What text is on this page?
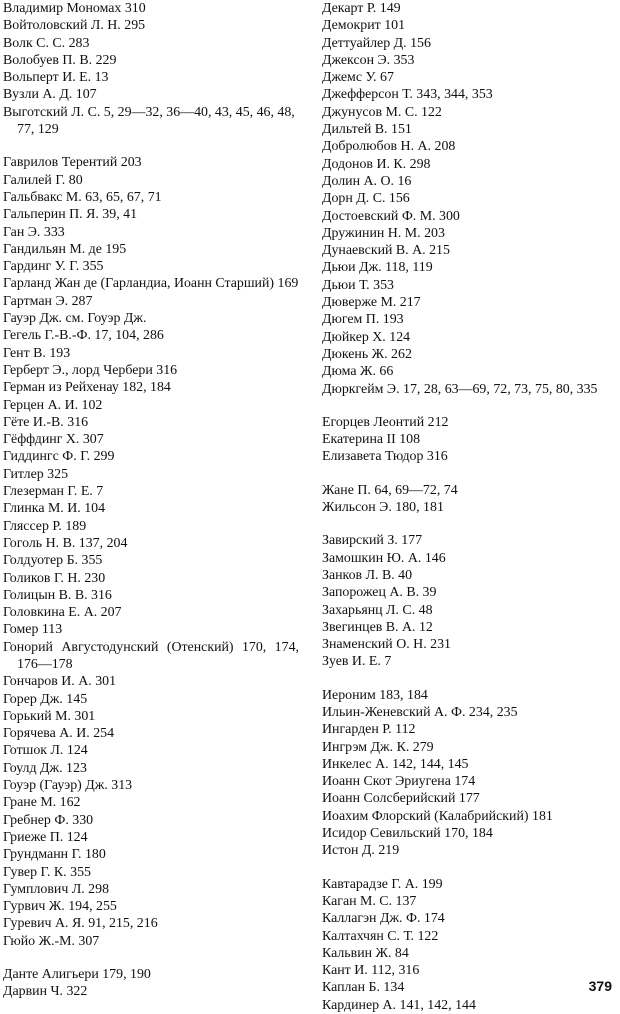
Владимир Мономах 310

Войтоловский Л. Н. 295

Волк С. С. 283

Волобуев П. В. 229

Вольперт И. Е. 13

Вузли А. Д. 107

Выготский Л. С. 5, 29—32, 36—40, 43, 45, 46, 48, 77, 129

Гаврилов Терентий 203

Галилей Г. 80

Гальбвакс М. 63, 65, 67, 71

Гальперин П. Я. 39, 41

Ган Э. 333

Гандильян М. де 195

Гардинг У. Г. 355

Гарланд Жан де (Гарландиа, Иоанн Старший) 169

Гартман Э. 287

Гауэр Дж. см. Гоуэр Дж.

Гегель Г.-В.-Ф. 17, 104, 286

Гент В. 193

Герберт Э., лорд Чербери 316

Герман из Рейхенау 182, 184

Герцен А. И. 102

Гёте И.-В. 316

Гёффдинг Х. 307

Гиддингс Ф. Г. 299

Гитлер 325

Глезерман Г. Е. 7

Глинка М. И. 104

Гляссер Р. 189

Гоголь Н. В. 137, 204

Голдуотер Б. 355

Голиков Г. Н. 230

Голицын В. В. 316

Головкина Е. А. 207

Гомер 113

Гонорий Августодунский (Отенский) 170, 174, 176—178

Гончаров И. А. 301

Горер Дж. 145

Горький М. 301

Горячева А. И. 254

Готшок Л. 124

Гоулд Дж. 123

Гоуэр (Гауэр) Дж. 313

Гране М. 162

Гребнер Ф. 330

Гриеже П. 124

Грундманн Г. 180

Гувер Г. К. 355

Гумплович Л. 298

Гурвич Ж. 194, 255

Гуревич А. Я. 91, 215, 216

Гюйо Ж.-М. 307

Данте Алигьери 179, 190

Дарвин Ч. 322

Декарт Р. 149

Демокрит 101

Деттуайлер Д. 156

Джексон Э. 353

Джемс У. 67

Джефферсон Т. 343, 344, 353

Джунусов М. С. 122

Дильтей В. 151

Добролюбов Н. А. 208

Додонов И. К. 298

Долин А. О. 16

Дорн Д. С. 156

Достоевский Ф. М. 300

Дружинин Н. М. 203

Дунаевский В. А. 215

Дьюи Дж. 118, 119

Дьюи Т. 353

Дюверже М. 217

Дюгем П. 193

Дюйкер Х. 124

Дюкень Ж. 262

Дюма Ж. 66

Дюркгейм Э. 17, 28, 63—69, 72, 73, 75, 80, 335

Егорцев Леонтий 212

Екатерина II 108

Елизавета Тюдор 316

Жане П. 64, 69—72, 74

Жильсон Э. 180, 181

Завирский З. 177

Замошкин Ю. А. 146

Занков Л. В. 40

Запорожец А. В. 39

Захарьянц Л. С. 48

Звегинцев В. А. 12

Знаменский О. Н. 231

Зуев И. Е. 7

Иероним 183, 184

Ильин-Женевский А. Ф. 234, 235

Ингарден Р. 112

Ингрэм Дж. К. 279

Инкелес А. 142, 144, 145

Иоанн Скот Эриугена 174

Иоанн Солсберийский 177

Иоахим Флорский (Калабрийский) 181

Исидор Севильский 170, 184

Истон Д. 219

Кавтарадзе Г. А. 199

Каган М. С. 137

Каллагэн Дж. Ф. 174

Калтахчян С. Т. 122

Кальвин Ж. 84

Кант И. 112, 316

Каплан Б. 134

Кардинер А. 141, 142, 144

379
